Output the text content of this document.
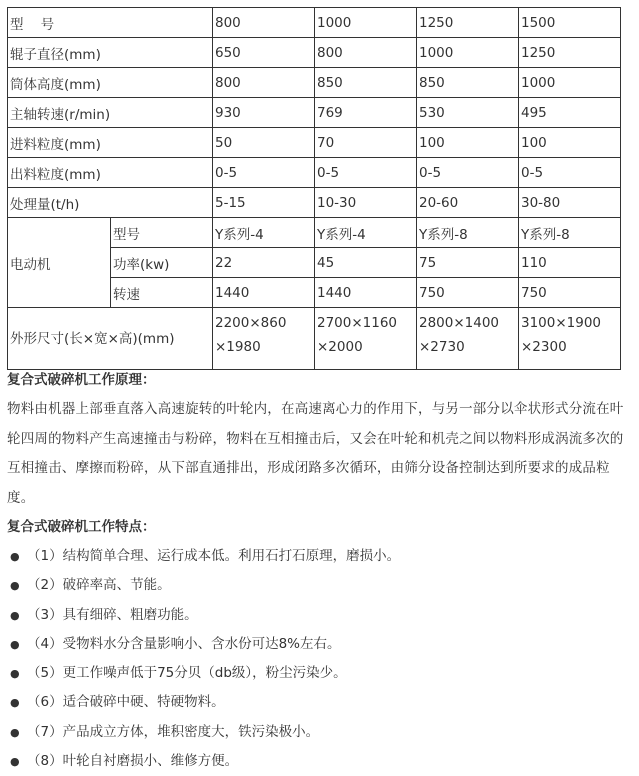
型    号		800	1000	1250	1500
辊子直径(mm)		650	800	1000	1250
筒体高度(mm)		800	850	850	1000
主轴转速(r/min)		930	769	530	495
进料粒度(mm)		50	70	100	100
出料粒度(mm)		0-5	0-5	0-5	0-5
处理量(t/h)		5-15	10-30	20-60	30-80
电动机	型号	Y系列-4	Y系列-4	Y系列-8	Y系列-8
	功率(kw)	22	45	75	110
	转速	1440	1440	750	750
外形尺寸(长×宽×高)(mm)		2200×860 ×1980	2700×1160 ×2000	2800×1400 ×2730	3100×1900 ×2300

复合式破碎机工作原理：

物料由机器上部垂直落入高速旋转的叶轮内，在高速离心力的作用下，与另一部分以伞状形式分流在叶轮四周的物料产生高速撞击与粉碎，物料在互相撞击后，又会在叶轮和机壳之间以物料形成涡流多次的互相撞击、摩擦而粉碎，从下部直通排出，形成闭路多次循环，由筛分设备控制达到所要求的成品粒度。

复合式破碎机工作特点：

● （1）结构简单合理、运行成本低。利用石打石原理，磨损小。
● （2）破碎率高、节能。
● （3）具有细碎、粗磨功能。
● （4）受物料水分含量影响小、含水份可达8%左右。
● （5）更工作噪声低于75分贝（db级），粉尘污染少。
● （6）适合破碎中硬、特硬物料。
● （7）产品成立方体，堆积密度大，铁污染极小。
● （8）叶轮自衬磨损小、维修方便。
